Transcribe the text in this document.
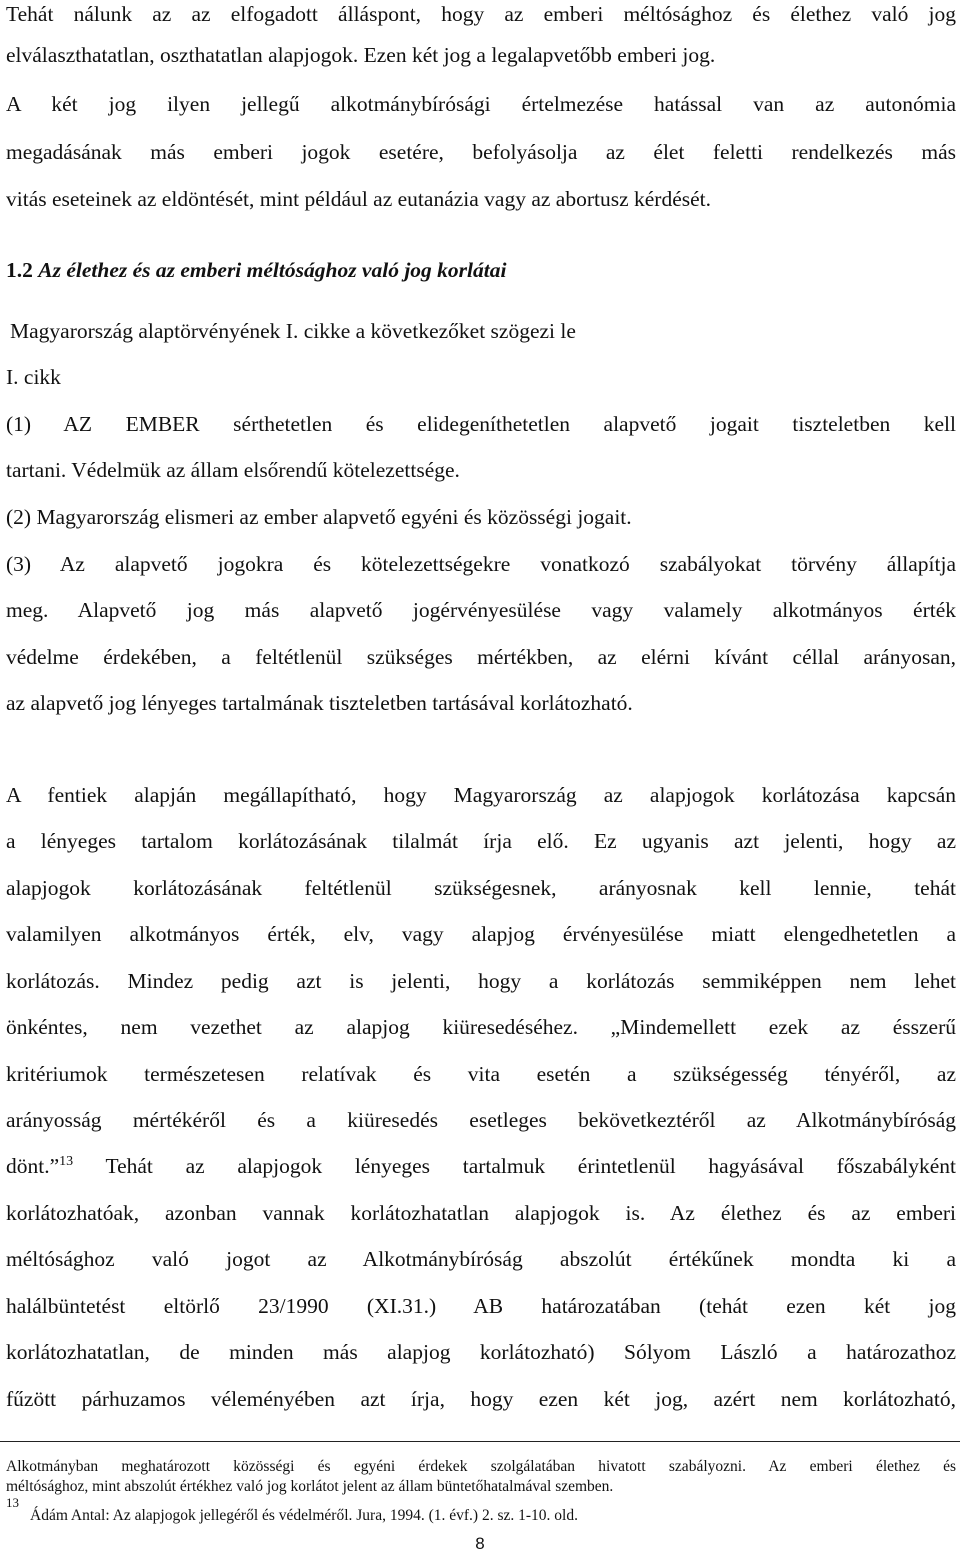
Tehát nálunk az az elfogadott álláspont, hogy az emberi méltósághoz és élethez való jog
elválaszthatatlan, oszthatatlan alapjogok. Ezen két jog a legalapvetőbb emberi jog.
A két jog ilyen jellegű alkotmánybírósági értelmezése hatással van az autonómia
megadásának más emberi jogok esetére, befolyásolja az élet feletti rendelkezés más
vitás eseteinek az eldöntését, mint például az eutanázia vagy az abortusz kérdését.
1.2 Az élethez és az emberi méltósághoz való jog korlátai
Magyarország alaptörvényének I. cikke a következőket szögezi le
I. cikk
(1) AZ EMBER sérthetetlen és elidegeníthetetlen alapvető jogait tiszteletben kell
tartani. Védelmük az állam elsőrendű kötelezettsége.
(2) Magyarország elismeri az ember alapvető egyéni és közösségi jogait.
(3) Az alapvető jogokra és kötelezettségekre vonatkozó szabályokat törvény állapítja
meg. Alapvető jog más alapvető jogérvényesülése vagy valamely alkotmányos érték
védelme érdekében, a feltétlenül szükséges mértékben, az elérni kívánt céllal arányosan,
az alapvető jog lényeges tartalmának tiszteletben tartásával korlátozható.
A fentiek alapján megállapítható, hogy Magyarország az alapjogok korlátozása kapcsán
a lényeges tartalom korlátozásának tilalmát írja elő. Ez ugyanis azt jelenti, hogy az
alapjogok korlátozásának feltétlenül szükségesnek, arányosnak kell lennie, tehát
valamilyen alkotmányos érték, elv, vagy alapjog érvényesülése miatt elengedhetetlen a
korlátozás. Mindez pedig azt is jelenti, hogy a korlátozás semmiképpen nem lehet
önkéntes, nem vezethet az alapjog kiüresedéséhez. „Mindemellett ezek az ésszerű
kritériumok természetesen relatívak és vita esetén a szükségesség tényéről, az
arányosság mértékéről és a kiüresedés esetleges bekövetkeztéről az Alkotmánybíróság
dönt.”$^{13}$ Tehát az alapjogok lényeges tartalmuk érintetlenül hagyásával főszabályként
korlátozhatóak, azonban vannak korlátozhatatlan alapjogok is. Az élethez és az emberi
méltósághoz való jogot az Alkotmánybíróság abszolút értékűnek mondta ki a
halálbüntetést eltörlő 23/1990 (XI.31.) AB határozatában (tehát ezen két jog
korlátozhatatlan, de minden más alapjog korlátozható) Sólyom László a határozathoz
fűzött párhuzamos véleményében azt írja, hogy ezen két jog, azért nem korlátozható,
Alkotmányban meghatározott közösségi és egyéni érdekek szolgálatában hivatott szabályozni. Az emberi élethez és
méltósághoz, mint abszolút értékhez való jog korlátot jelent az állam büntetőhatalmával szemben.
13
Ádám Antal: Az alapjogok jellegéről és védelméről. Jura, 1994. (1. évf.) 2. sz. 1-10. old.
8
